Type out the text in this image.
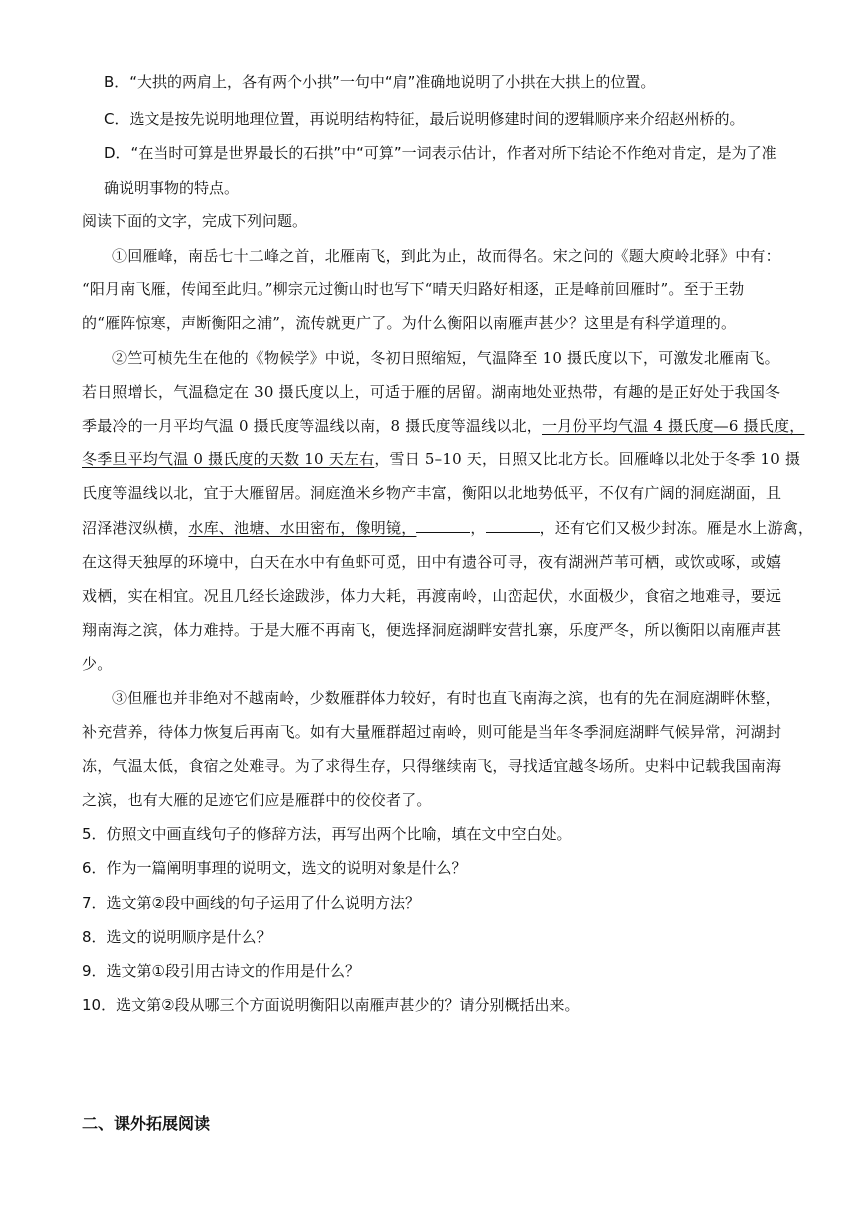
B．“大拱的两肩上，各有两个小拱”一句中“肩”准确地说明了小拱在大拱上的位置。
C．选文是按先说明地理位置，再说明结构特征，最后说明修建时间的逻辑顺序来介绍赵州桥的。
D．“在当时可算是世界最长的石拱”中“可算”一词表示估计，作者对所下结论不作绝对肯定，是为了准
确说明事物的特点。
阅读下面的文字，完成下列问题。
①回雁峰，南岳七十二峰之首，北雁南飞，到此为止，故而得名。宋之问的《题大庾岭北驿》中有：
“阳月南飞雁，传闻至此归。”柳宗元过衡山时也写下“晴天归路好相逐，正是峰前回雁时”。至于王勃
的“雁阵惊寒，声断衡阳之浦”，流传就更广了。为什么衡阳以南雁声甚少？这里是有科学道理的。
②竺可桢先生在他的《物候学》中说，冬初日照缩短，气温降至 10 摄氏度以下，可激发北雁南飞。
若日照增长，气温稳定在 30 摄氏度以上，可适于雁的居留。湖南地处亚热带，有趣的是正好处于我国冬
季最冷的一月平均气温 0 摄氏度等温线以南，8 摄氏度等温线以北，一月份平均气温 4 摄氏度—6 摄氏度，
冬季旦平均气温 0 摄氏度的天数 10 天左右，雪日 5–10 天，日照又比北方长。回雁峰以北处于冬季 10 摄
氏度等温线以北，宜于大雁留居。洞庭渔米乡物产丰富，衡阳以北地势低平，不仅有广阔的洞庭湖面，且
沼泽港汊纵横，水库、池塘、水田密布，像明镜，	，	，还有它们又极少封冻。雁是水上游禽，
在这得天独厚的环境中，白天在水中有鱼虾可觅，田中有遗谷可寻，夜有湖洲芦苇可栖，或饮或啄，或嬉
戏栖，实在相宜。况且几经长途跋涉，体力大耗，再渡南岭，山峦起伏，水面极少，食宿之地难寻，要远
翔南海之滨，体力难持。于是大雁不再南飞，便选择洞庭湖畔安营扎寨，乐度严冬，所以衡阳以南雁声甚
少。
③但雁也并非绝对不越南岭，少数雁群体力较好，有时也直飞南海之滨，也有的先在洞庭湖畔休整，
补充营养，待体力恢复后再南飞。如有大量雁群超过南岭，则可能是当年冬季洞庭湖畔气候异常，河湖封
冻，气温太低，食宿之处难寻。为了求得生存，只得继续南飞，寻找适宜越冬场所。史料中记载我国南海
之滨，也有大雁的足迹它们应是雁群中的佼佼者了。
5．仿照文中画直线句子的修辞方法，再写出两个比喻，填在文中空白处。
6．作为一篇阐明事理的说明文，选文的说明对象是什么？
7．选文第②段中画线的句子运用了什么说明方法？
8．选文的说明顺序是什么？
9．选文第①段引用古诗文的作用是什么？
10．选文第②段从哪三个方面说明衡阳以南雁声甚少的？请分别概括出来。
二、课外拓展阅读
